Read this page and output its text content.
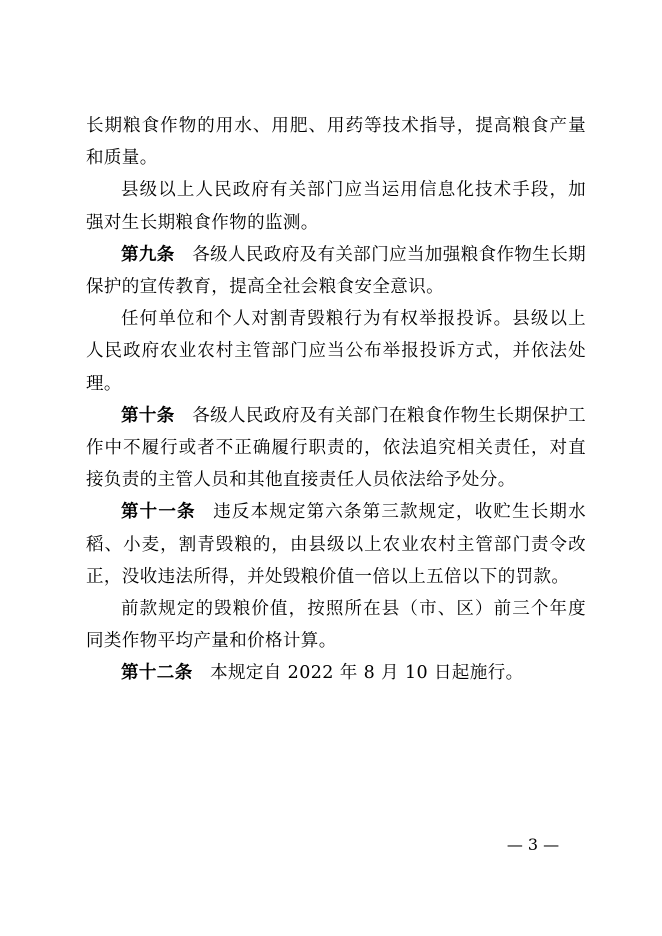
长期粮食作物的用水、用肥、用药等技术指导，提高粮食产量和质量。

县级以上人民政府有关部门应当运用信息化技术手段，加强对生长期粮食作物的监测。

第九条 各级人民政府及有关部门应当加强粮食作物生长期保护的宣传教育，提高全社会粮食安全意识。

任何单位和个人对割青毁粮行为有权举报投诉。县级以上人民政府农业农村主管部门应当公布举报投诉方式，并依法处理。

第十条 各级人民政府及有关部门在粮食作物生长期保护工作中不履行或者不正确履行职责的，依法追究相关责任，对直接负责的主管人员和其他直接责任人员依法给予处分。

第十一条 违反本规定第六条第三款规定，收贮生长期水稻、小麦，割青毁粮的，由县级以上农业农村主管部门责令改正，没收违法所得，并处毁粮价值一倍以上五倍以下的罚款。

前款规定的毁粮价值，按照所在县（市、区）前三个年度同类作物平均产量和价格计算。

第十二条 本规定自 2022 年 8 月 10 日起施行。

— 3 —
